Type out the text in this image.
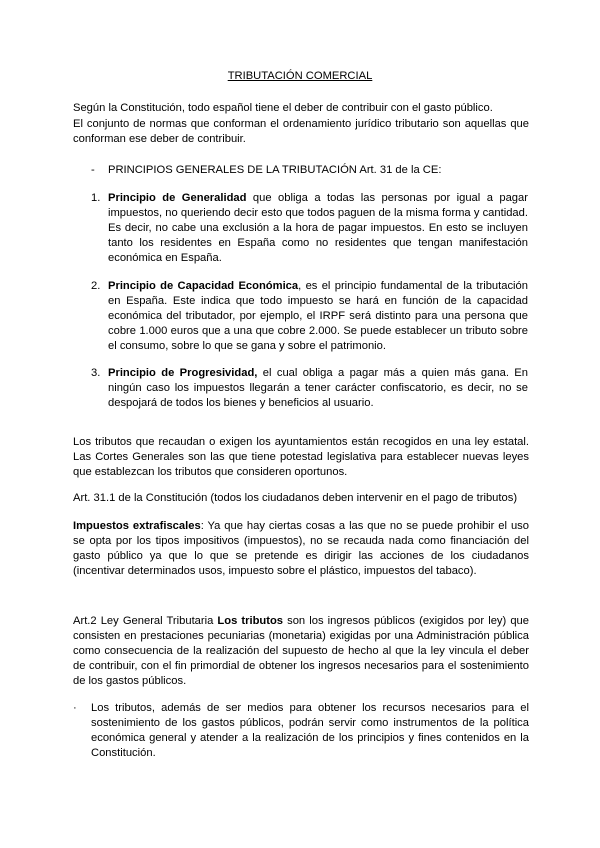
TRIBUTACIÓN COMERCIAL
Según la Constitución, todo español tiene el deber de contribuir con el gasto público.
El conjunto de normas que conforman el ordenamiento jurídico tributario son aquellas que conforman ese deber de contribuir.
- PRINCIPIOS GENERALES DE LA TRIBUTACIÓN Art. 31 de la CE:
1. Principio de Generalidad que obliga a todas las personas por igual a pagar impuestos, no queriendo decir esto que todos paguen de la misma forma y cantidad. Es decir, no cabe una exclusión a la hora de pagar impuestos. En esto se incluyen tanto los residentes en España como no residentes que tengan manifestación económica en España.
2. Principio de Capacidad Económica, es el principio fundamental de la tributación en España. Este indica que todo impuesto se hará en función de la capacidad económica del tributador, por ejemplo, el IRPF será distinto para una persona que cobre 1.000 euros que a una que cobre 2.000. Se puede establecer un tributo sobre el consumo, sobre lo que se gana y sobre el patrimonio.
3. Principio de Progresividad, el cual obliga a pagar más a quien más gana. En ningún caso los impuestos llegarán a tener carácter confiscatorio, es decir, no se despojará de todos los bienes y beneficios al usuario.
Los tributos que recaudan o exigen los ayuntamientos están recogidos en una ley estatal. Las Cortes Generales son las que tiene potestad legislativa para establecer nuevas leyes que establezcan los tributos que consideren oportunos.
Art. 31.1 de la Constitución (todos los ciudadanos deben intervenir en el pago de tributos)
Impuestos extrafiscales: Ya que hay ciertas cosas a las que no se puede prohibir el uso se opta por los tipos impositivos (impuestos), no se recauda nada como financiación del gasto público ya que lo que se pretende es dirigir las acciones de los ciudadanos (incentivar determinados usos, impuesto sobre el plástico, impuestos del tabaco).
Art.2 Ley General Tributaria Los tributos son los ingresos públicos (exigidos por ley) que consisten en prestaciones pecuniarias (monetaria) exigidas por una Administración pública como consecuencia de la realización del supuesto de hecho al que la ley vincula el deber de contribuir, con el fin primordial de obtener los ingresos necesarios para el sostenimiento de los gastos públicos.
· Los tributos, además de ser medios para obtener los recursos necesarios para el sostenimiento de los gastos públicos, podrán servir como instrumentos de la política económica general y atender a la realización de los principios y fines contenidos en la Constitución.
